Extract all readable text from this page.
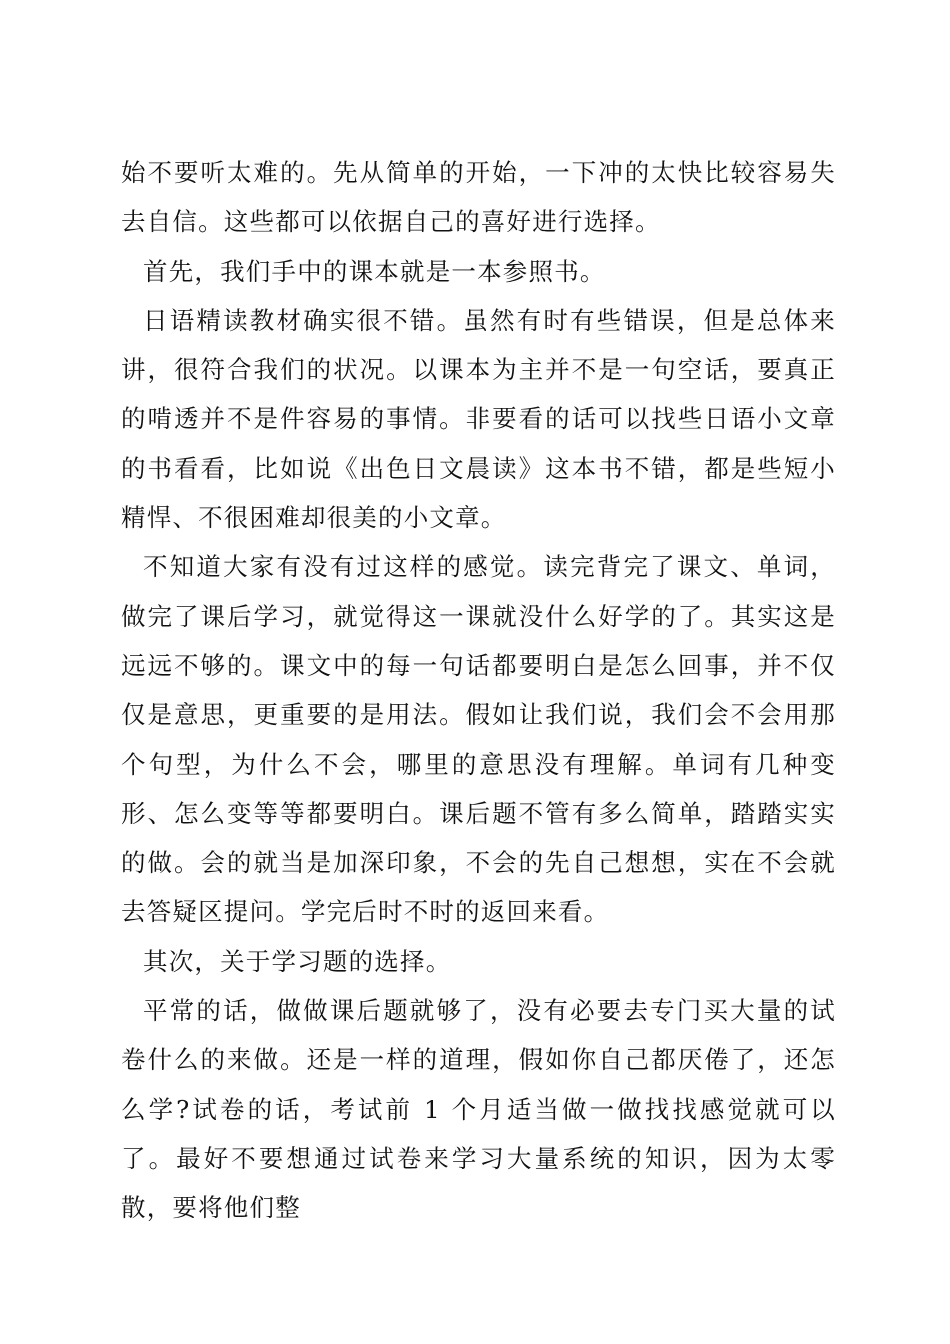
始不要听太难的。先从简单的开始，一下冲的太快比较容易失去自信。这些都可以依据自己的喜好进行选择。

首先，我们手中的课本就是一本参照书。

日语精读教材确实很不错。虽然有时有些错误，但是总体来讲，很符合我们的状况。以课本为主并不是一句空话，要真正的啃透并不是件容易的事情。非要看的话可以找些日语小文章的书看看，比如说《出色日文晨读》这本书不错，都是些短小精悍、不很困难却很美的小文章。

不知道大家有没有过这样的感觉。读完背完了课文、单词，做完了课后学习，就觉得这一课就没什么好学的了。其实这是远远不够的。课文中的每一句话都要明白是怎么回事，并不仅仅是意思，更重要的是用法。假如让我们说，我们会不会用那个句型，为什么不会，哪里的意思没有理解。单词有几种变形、怎么变等等都要明白。课后题不管有多么简单，踏踏实实的做。会的就当是加深印象，不会的先自己想想，实在不会就去答疑区提问。学完后时不时的返回来看。

其次，关于学习题的选择。

平常的话，做做课后题就够了，没有必要去专门买大量的试卷什么的来做。还是一样的道理，假如你自己都厌倦了，还怎么学?试卷的话，考试前 1 个月适当做一做找找感觉就可以了。最好不要想通过试卷来学习大量系统的知识，因为太零散，要将他们整
